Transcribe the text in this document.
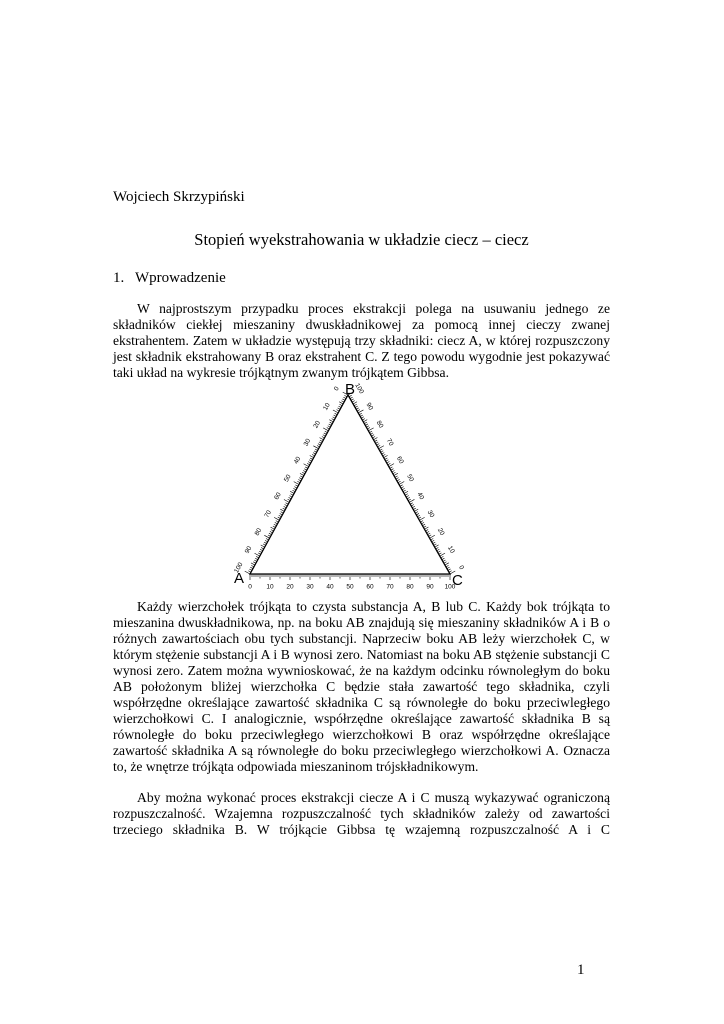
Wojciech Skrzypiński
Stopień wyekstrahowania w układzie ciecz – ciecz
1. Wprowadzenie

W najprostszym przypadku proces ekstrakcji polega na usuwaniu jednego ze składników ciekłej mieszaniny dwuskładnikowej za pomocą innej cieczy zwanej ekstrahentem. Zatem w układzie występują trzy składniki: ciecz A, w której rozpuszczony jest składnik ekstrahowany B oraz ekstrahent C. Z tego powodu wygodnie jest pokazywać taki układ na wykresie trójkątnym zwanym trójkątem Gibbsa.

0 10 20 30 40 50 60 70 80 90 100
0
10
20
30
40
50
60
70
80
90
100
100
90
80
70
60
50
40
30
20
10
0
A
B
C

Każdy wierzchołek trójkąta to czysta substancja A, B lub C. Każdy bok trójkąta to mieszanina dwuskładnikowa, np. na boku AB znajdują się mieszaniny składników A i B o różnych zawartościach obu tych substancji. Naprzeciw boku AB leży wierzchołek C, w którym stężenie substancji A i B wynosi zero. Natomiast na boku AB stężenie substancji C wynosi zero. Zatem można wywnioskować, że na każdym odcinku równoległym do boku AB położonym bliżej wierzchołka C będzie stała zawartość tego składnika, czyli współrzędne określające zawartość składnika C są równoległe do boku przeciwległego wierzchołkowi C. I analogicznie, współrzędne określające zawartość składnika B są równoległe do boku przeciwległego wierzchołkowi B oraz współrzędne określające zawartość składnika A są równoległe do boku przeciwległego wierzchołkowi A. Oznacza to, że wnętrze trójkąta odpowiada mieszaninom trójskładnikowym.

Aby można wykonać proces ekstrakcji ciecze A i C muszą wykazywać ograniczoną rozpuszczalność. Wzajemna rozpuszczalność tych składników zależy od zawartości trzeciego składnika B. W trójkącie Gibbsa tę wzajemną rozpuszczalność A i C

1
